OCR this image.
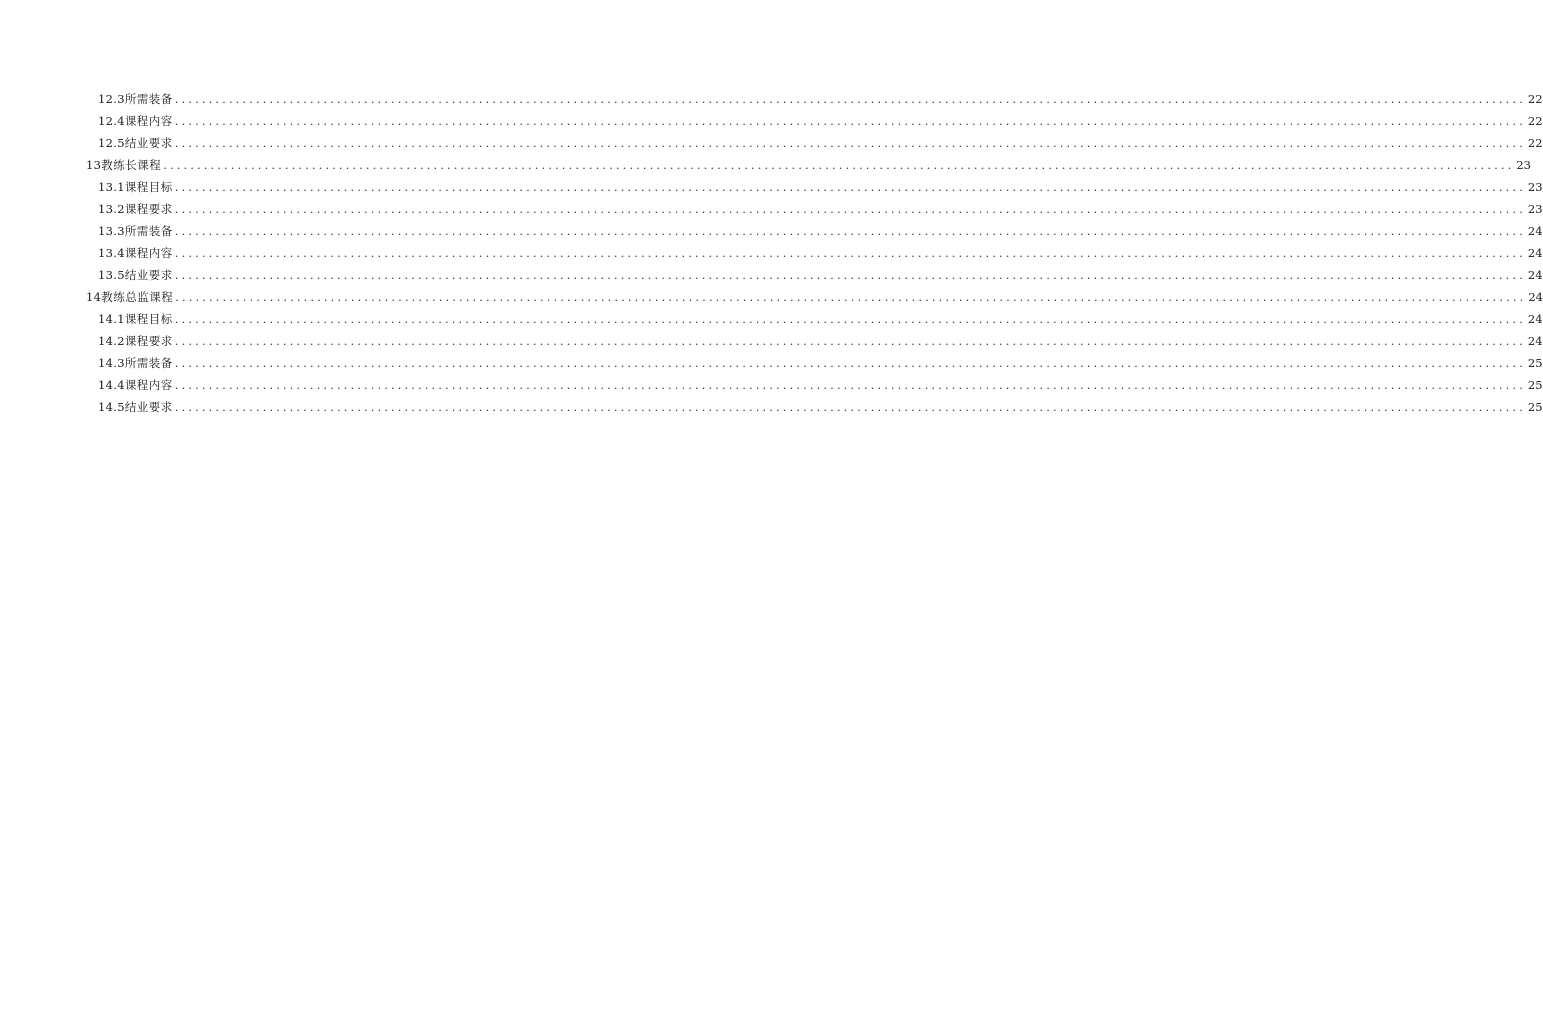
12.3 所需装备 ........................................................................................................................................................................................................ 22
12.4 课程内容 ........................................................................................................................................................................................................ 22
12.5 结业要求 ........................................................................................................................................................................................................ 22
13 教练长课程 ........................................................................................................................................................................................................ 23
13.1 课程目标 ........................................................................................................................................................................................................ 23
13.2 课程要求 ........................................................................................................................................................................................................ 23
13.3 所需装备 ........................................................................................................................................................................................................ 24
13.4 课程内容 ........................................................................................................................................................................................................ 24
13.5 结业要求 ........................................................................................................................................................................................................ 24
14 教练总监课程 ........................................................................................................................................................................................................ 24
14.1 课程目标 ........................................................................................................................................................................................................ 24
14.2 课程要求 ........................................................................................................................................................................................................ 24
14.3 所需装备 ........................................................................................................................................................................................................ 25
14.4 课程内容 ........................................................................................................................................................................................................ 25
14.5 结业要求 ........................................................................................................................................................................................................ 25
